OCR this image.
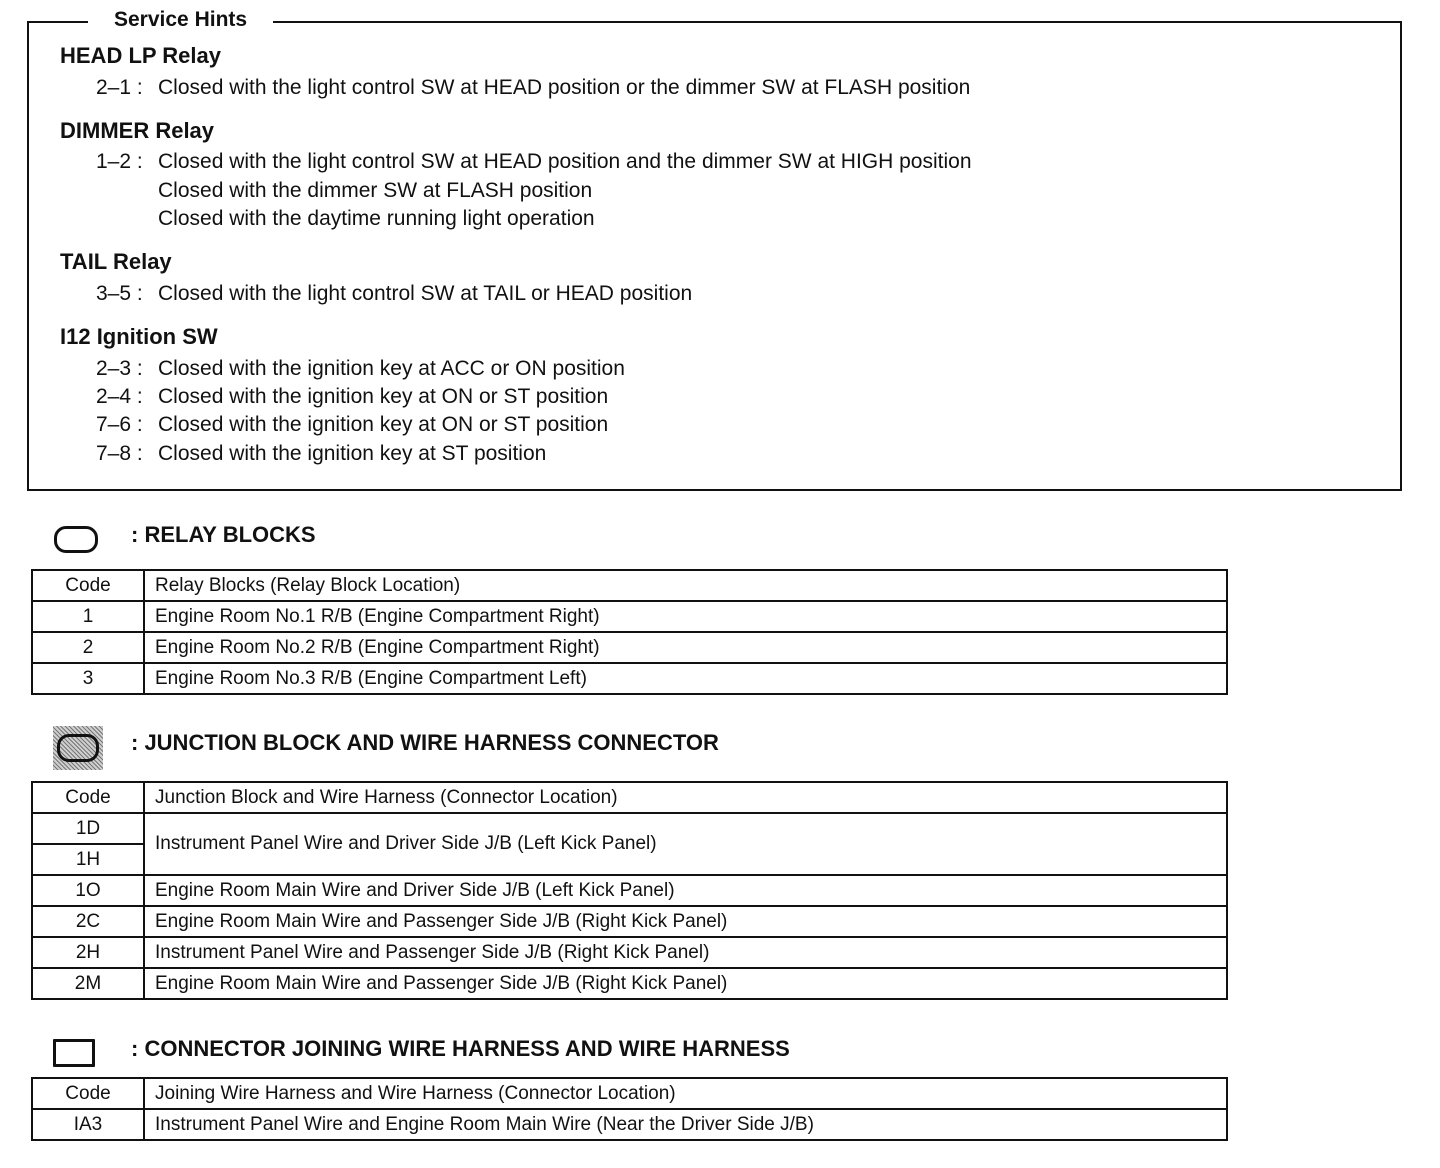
Service Hints
HEAD LP Relay
2–1 : Closed with the light control SW at HEAD position or the dimmer SW at FLASH position
DIMMER Relay
1–2 : Closed with the light control SW at HEAD position and the dimmer SW at HIGH position
Closed with the dimmer SW at FLASH position
Closed with the daytime running light operation
TAIL Relay
3–5 : Closed with the light control SW at TAIL or HEAD position
I12 Ignition SW
2–3 : Closed with the ignition key at ACC or ON position
2–4 : Closed with the ignition key at ON or ST position
7–6 : Closed with the ignition key at ON or ST position
7–8 : Closed with the ignition key at ST position
: RELAY BLOCKS
Code	Relay Blocks (Relay Block Location)
1	Engine Room No.1 R/B (Engine Compartment Right)
2	Engine Room No.2 R/B (Engine Compartment Right)
3	Engine Room No.3 R/B (Engine Compartment Left)
: JUNCTION BLOCK AND WIRE HARNESS CONNECTOR
Code	Junction Block and Wire Harness (Connector Location)
1D	Instrument Panel Wire and Driver Side J/B (Left Kick Panel)
1H	
1O	Engine Room Main Wire and Driver Side J/B (Left Kick Panel)
2C	Engine Room Main Wire and Passenger Side J/B (Right Kick Panel)
2H	Instrument Panel Wire and Passenger Side J/B (Right Kick Panel)
2M	Engine Room Main Wire and Passenger Side J/B (Right Kick Panel)
: CONNECTOR JOINING WIRE HARNESS AND WIRE HARNESS
Code	Joining Wire Harness and Wire Harness (Connector Location)
IA3	Instrument Panel Wire and Engine Room Main Wire (Near the Driver Side J/B)
